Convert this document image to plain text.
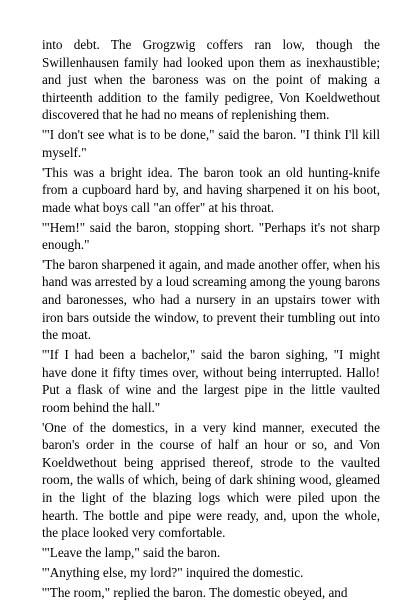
into debt. The Grogzwig coffers ran low, though the Swillenhausen family had looked upon them as inexhaustible; and just when the baroness was on the point of making a thirteenth addition to the family pedigree, Von Koeldwethout discovered that he had no means of replenishing them.

'"I don't see what is to be done," said the baron. "I think I'll kill myself."

'This was a bright idea. The baron took an old hunting-knife from a cupboard hard by, and having sharpened it on his boot, made what boys call "an offer" at his throat.

'"Hem!" said the baron, stopping short. "Perhaps it's not sharp enough."

'The baron sharpened it again, and made another offer, when his hand was arrested by a loud screaming among the young barons and baronesses, who had a nursery in an upstairs tower with iron bars outside the window, to prevent their tumbling out into the moat.

'"If I had been a bachelor," said the baron sighing, "I might have done it fifty times over, without being interrupted. Hallo! Put a flask of wine and the largest pipe in the little vaulted room behind the hall."

'One of the domestics, in a very kind manner, executed the baron's order in the course of half an hour or so, and Von Koeldwethout being apprised thereof, strode to the vaulted room, the walls of which, being of dark shining wood, gleamed in the light of the blazing logs which were piled upon the hearth. The bottle and pipe were ready, and, upon the whole, the place looked very comfortable.

'"Leave the lamp," said the baron.

'"Anything else, my lord?" inquired the domestic.

'"The room," replied the baron. The domestic obeyed, and
